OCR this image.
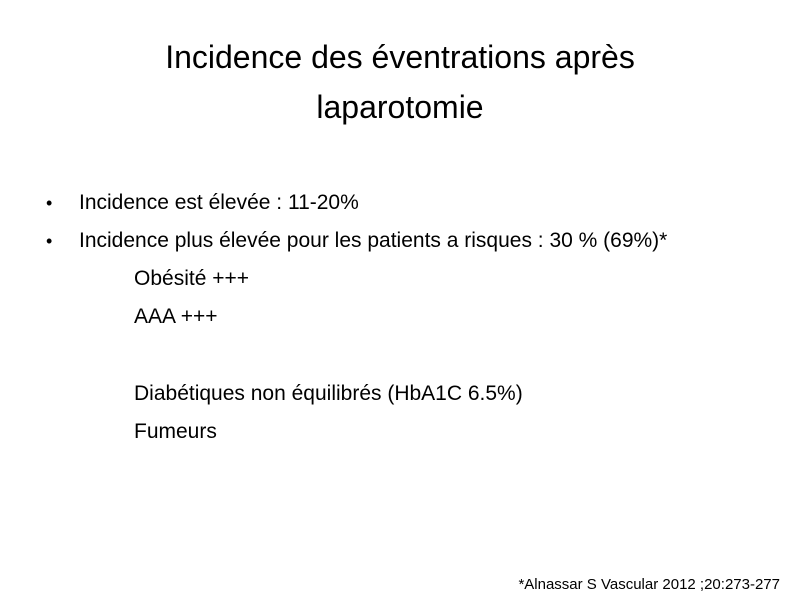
Incidence des éventrations après
laparotomie
• Incidence est élevée : 11-20%
• Incidence plus élevée pour les patients a risques : 30 % (69%)*
Obésité +++
AAA +++
Diabétiques non équilibrés (HbA1C 6.5%)
Fumeurs
*Alnassar S Vascular 2012 ;20:273-277
